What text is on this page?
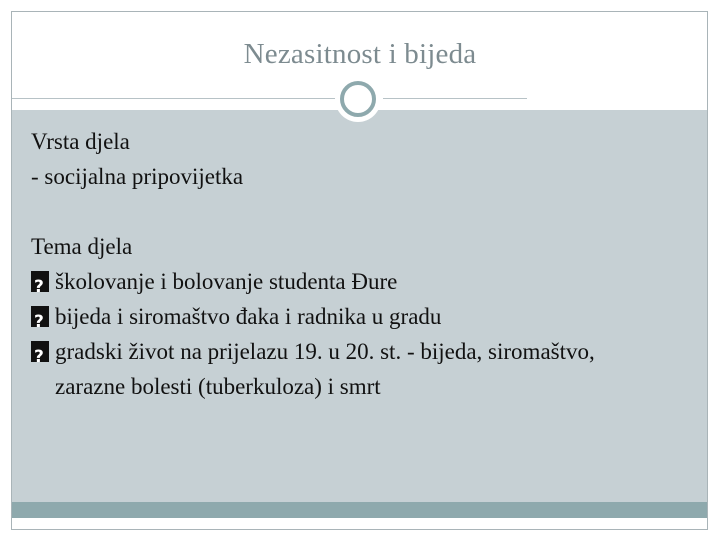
Nezasitnost i bijeda
Vrsta djela
- socijalna pripovijetka
Tema djela
?
školovanje i bolovanje studenta Đure
?
bijeda i siromaštvo đaka i radnika u gradu
?
gradski život na prijelazu 19. u 20. st. - bijeda, siromaštvo, zarazne bolesti (tuberkuloza) i smrt
